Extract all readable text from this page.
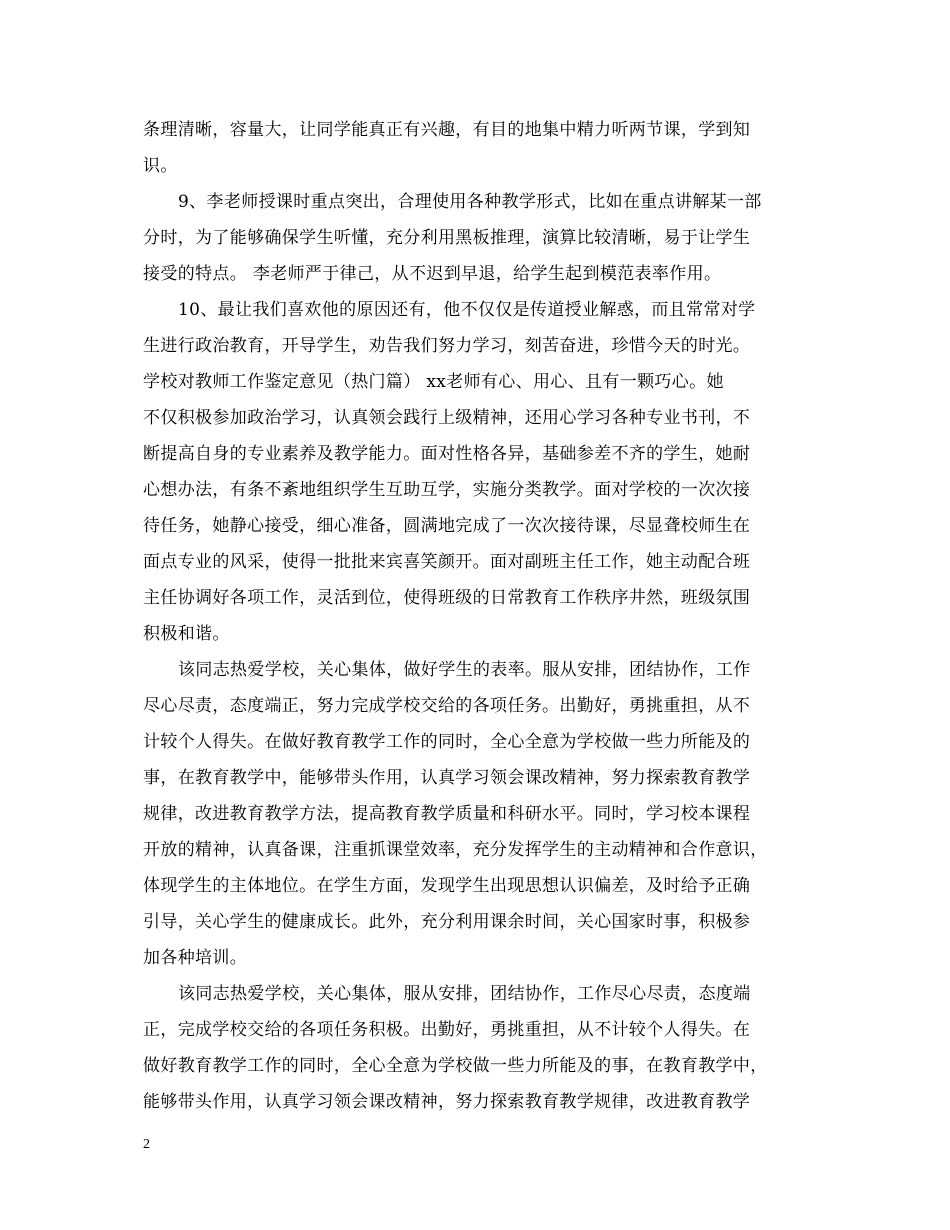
条理清晰，容量大，让同学能真正有兴趣，有目的地集中精力听两节课，学到知
识。
9、李老师授课时重点突出，合理使用各种教学形式，比如在重点讲解某一部
分时，为了能够确保学生听懂，充分利用黑板推理，演算比较清晰，易于让学生
接受的特点。 李老师严于律己，从不迟到早退，给学生起到模范表率作用。
10、最让我们喜欢他的原因还有，他不仅仅是传道授业解惑，而且常常对学
生进行政治教育，开导学生，劝告我们努力学习，刻苦奋进，珍惜今天的时光。
学校对教师工作鉴定意见（热门篇） xx老师有心、用心、且有一颗巧心。她
不仅积极参加政治学习，认真领会践行上级精神，还用心学习各种专业书刊，不
断提高自身的专业素养及教学能力。面对性格各异，基础参差不齐的学生，她耐
心想办法，有条不紊地组织学生互助互学，实施分类教学。面对学校的一次次接
待任务，她静心接受，细心准备，圆满地完成了一次次接待课，尽显聋校师生在
面点专业的风采，使得一批批来宾喜笑颜开。面对副班主任工作，她主动配合班
主任协调好各项工作，灵活到位，使得班级的日常教育工作秩序井然，班级氛围
积极和谐。
该同志热爱学校，关心集体，做好学生的表率。服从安排，团结协作，工作
尽心尽责，态度端正，努力完成学校交给的各项任务。出勤好，勇挑重担，从不
计较个人得失。在做好教育教学工作的同时，全心全意为学校做一些力所能及的
事，在教育教学中，能够带头作用，认真学习领会课改精神，努力探索教育教学
规律，改进教育教学方法，提高教育教学质量和科研水平。同时，学习校本课程
开放的精神，认真备课，注重抓课堂效率，充分发挥学生的主动精神和合作意识，
体现学生的主体地位。在学生方面，发现学生出现思想认识偏差，及时给予正确
引导，关心学生的健康成长。此外，充分利用课余时间，关心国家时事，积极参
加各种培训。
该同志热爱学校，关心集体，服从安排，团结协作，工作尽心尽责，态度端
正，完成学校交给的各项任务积极。出勤好，勇挑重担，从不计较个人得失。在
做好教育教学工作的同时，全心全意为学校做一些力所能及的事，在教育教学中，
能够带头作用，认真学习领会课改精神，努力探索教育教学规律，改进教育教学
2
